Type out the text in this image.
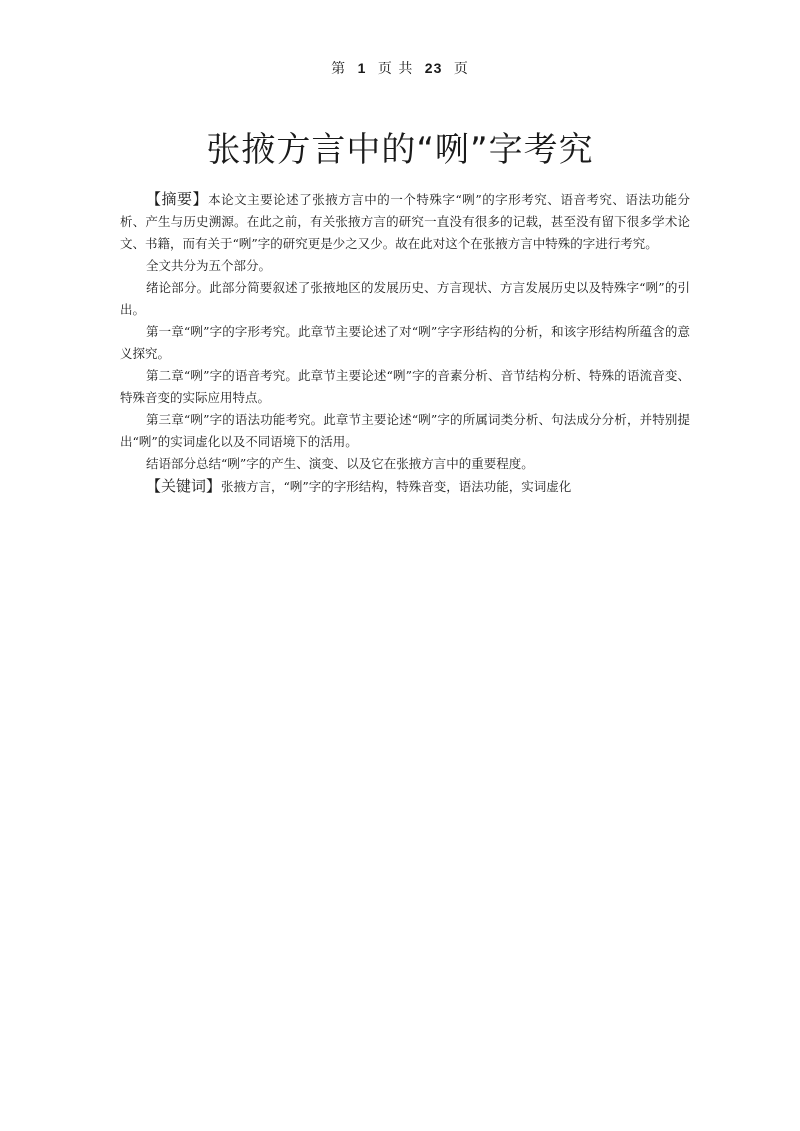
第 1 页 共 23 页
张掖方言中的“咧”字考究

【摘要】本论文主要论述了张掖方言中的一个特殊字“咧”的字形考究、语音考究、语法功能分析、产生与历史溯源。在此之前，有关张掖方言的研究一直没有很多的记载，甚至没有留下很多学术论文、书籍，而有关于“咧”字的研究更是少之又少。故在此对这个在张掖方言中特殊的字进行考究。

全文共分为五个部分。

绪论部分。此部分简要叙述了张掖地区的发展历史、方言现状、方言发展历史以及特殊字“咧”的引出。

第一章“咧”字的字形考究。此章节主要论述了对“咧”字字形结构的分析，和该字形结构所蕴含的意义探究。

第二章“咧”字的语音考究。此章节主要论述“咧”字的音素分析、音节结构分析、特殊的语流音变、特殊音变的实际应用特点。

第三章“咧”字的语法功能考究。此章节主要论述“咧”字的所属词类分析、句法成分分析，并特别提出“咧”的实词虚化以及不同语境下的活用。

结语部分总结“咧”字的产生、演变、以及它在张掖方言中的重要程度。

【关键词】张掖方言，“咧”字的字形结构，特殊音变，语法功能，实词虚化
